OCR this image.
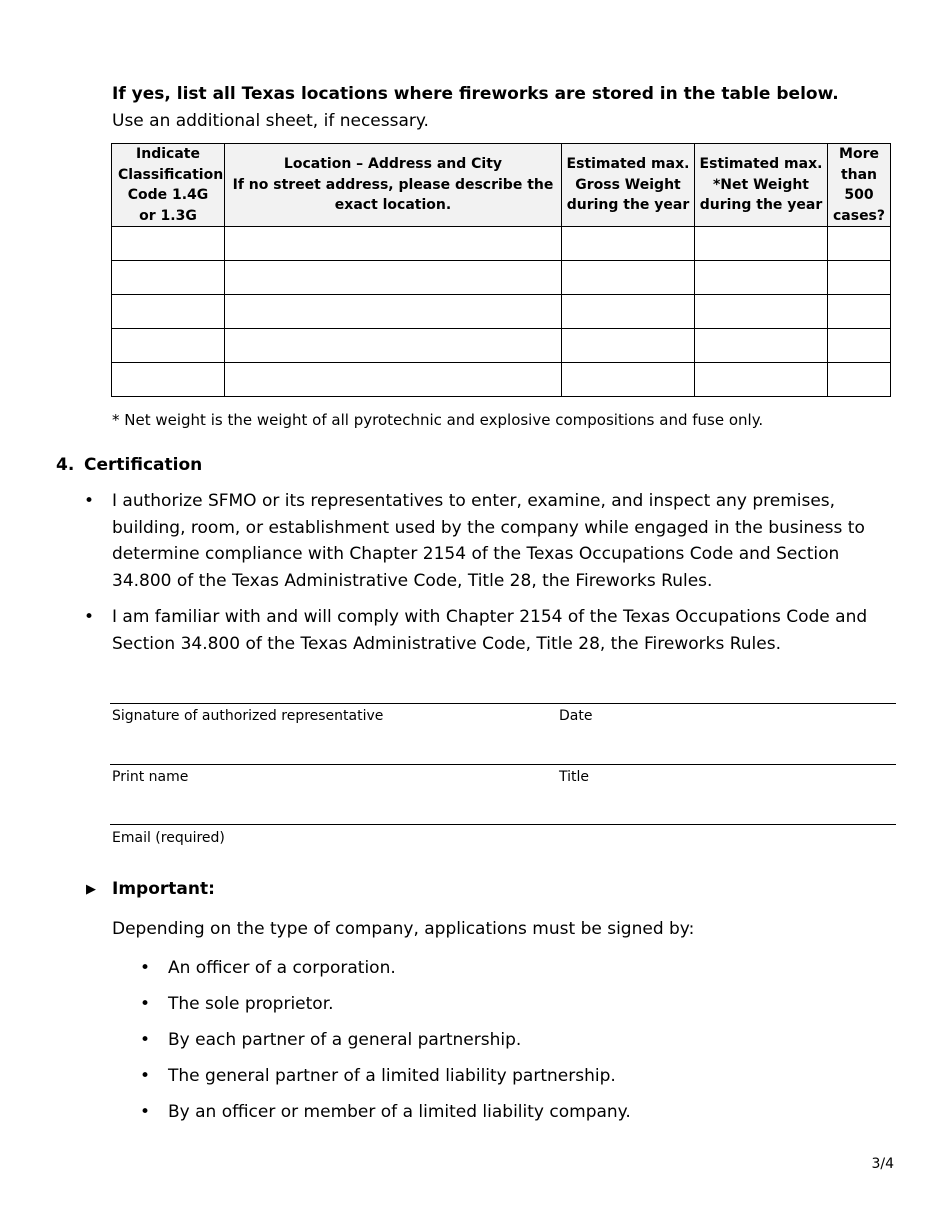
If yes, list all Texas locations where fireworks are stored in the table below. Use an additional sheet, if necessary.
Indicate Classification Code 1.4G or 1.3G	Location – Address and City
If no street address, please describe the exact location.	Estimated max. Gross Weight during the year	Estimated max. *Net Weight during the year	More than 500 cases?

* Net weight is the weight of all pyrotechnic and explosive compositions and fuse only.
4. Certification
• I authorize SFMO or its representatives to enter, examine, and inspect any premises, building, room, or establishment used by the company while engaged in the business to determine compliance with Chapter 2154 of the Texas Occupations Code and Section 34.800 of the Texas Administrative Code, Title 28, the Fireworks Rules.
• I am familiar with and will comply with Chapter 2154 of the Texas Occupations Code and Section 34.800 of the Texas Administrative Code, Title 28, the Fireworks Rules.
Signature of authorized representative	Date
Print name	Title
Email (required)
▶ Important:
Depending on the type of company, applications must be signed by:
• An officer of a corporation.
• The sole proprietor.
• By each partner of a general partnership.
• The general partner of a limited liability partnership.
• By an officer or member of a limited liability company.
3/4
